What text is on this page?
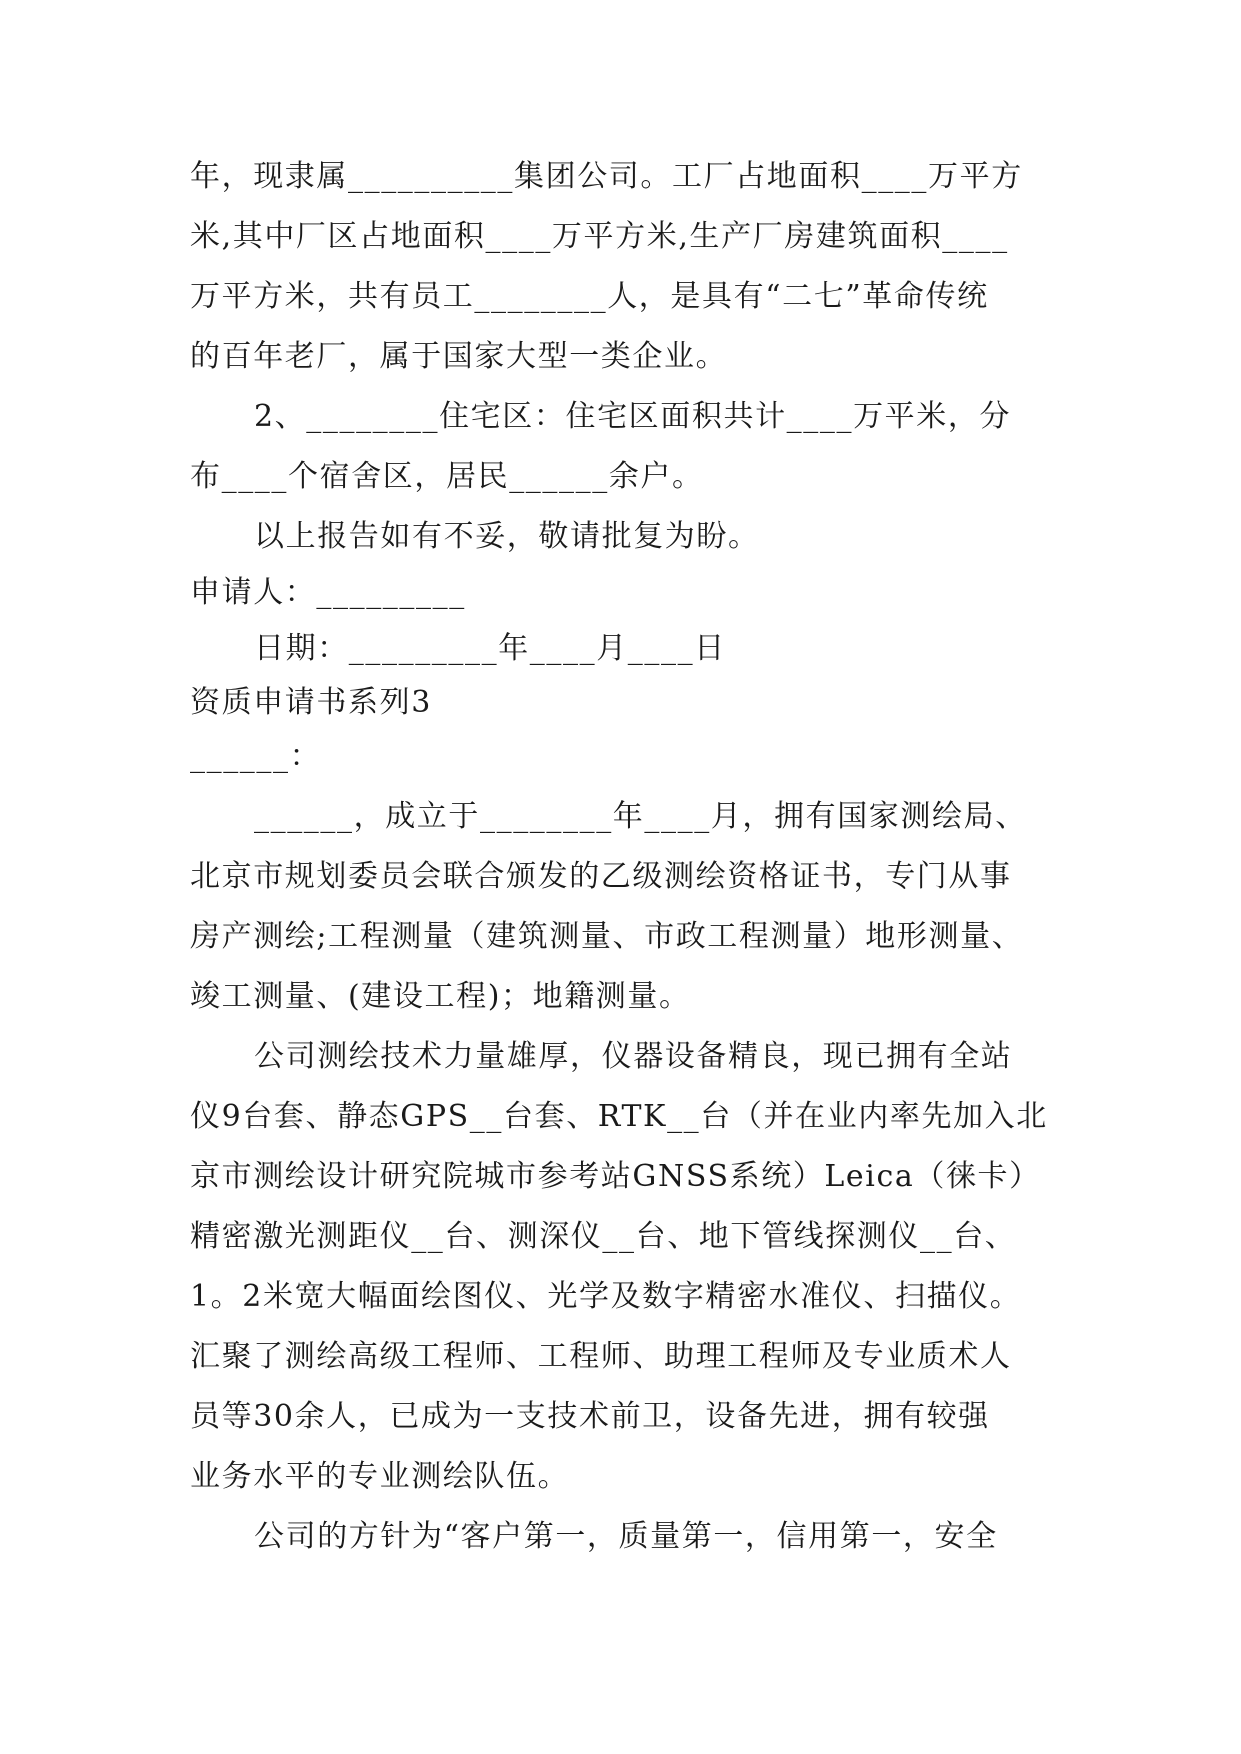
年，现隶属__________集团公司。工厂占地面积____万平方

米,其中厂区占地面积____万平方米,生产厂房建筑面积____

万平方米，共有员工________人，是具有“二七”革命传统

的百年老厂，属于国家大型一类企业。

2、________住宅区：住宅区面积共计____万平米，分

布____个宿舍区，居民______余户。

以上报告如有不妥，敬请批复为盼。

申请人：_________

日期：_________年____月____日

资质申请书系列3

______：

______，成立于________年____月，拥有国家测绘局、

北京市规划委员会联合颁发的乙级测绘资格证书，专门从事

房产测绘;工程测量（建筑测量、市政工程测量）地形测量、

竣工测量、(建设工程)；地籍测量。

公司测绘技术力量雄厚，仪器设备精良，现已拥有全站

仪9台套、静态GPS__台套、RTK__台（并在业内率先加入北

京市测绘设计研究院城市参考站GNSS系统）Leica（徕卡）

精密激光测距仪__台、测深仪__台、地下管线探测仪__台、

1。2米宽大幅面绘图仪、光学及数字精密水准仪、扫描仪。

汇聚了测绘高级工程师、工程师、助理工程师及专业质术人

员等30余人，已成为一支技术前卫，设备先进，拥有较强

业务水平的专业测绘队伍。

公司的方针为“客户第一，质量第一，信用第一，安全
